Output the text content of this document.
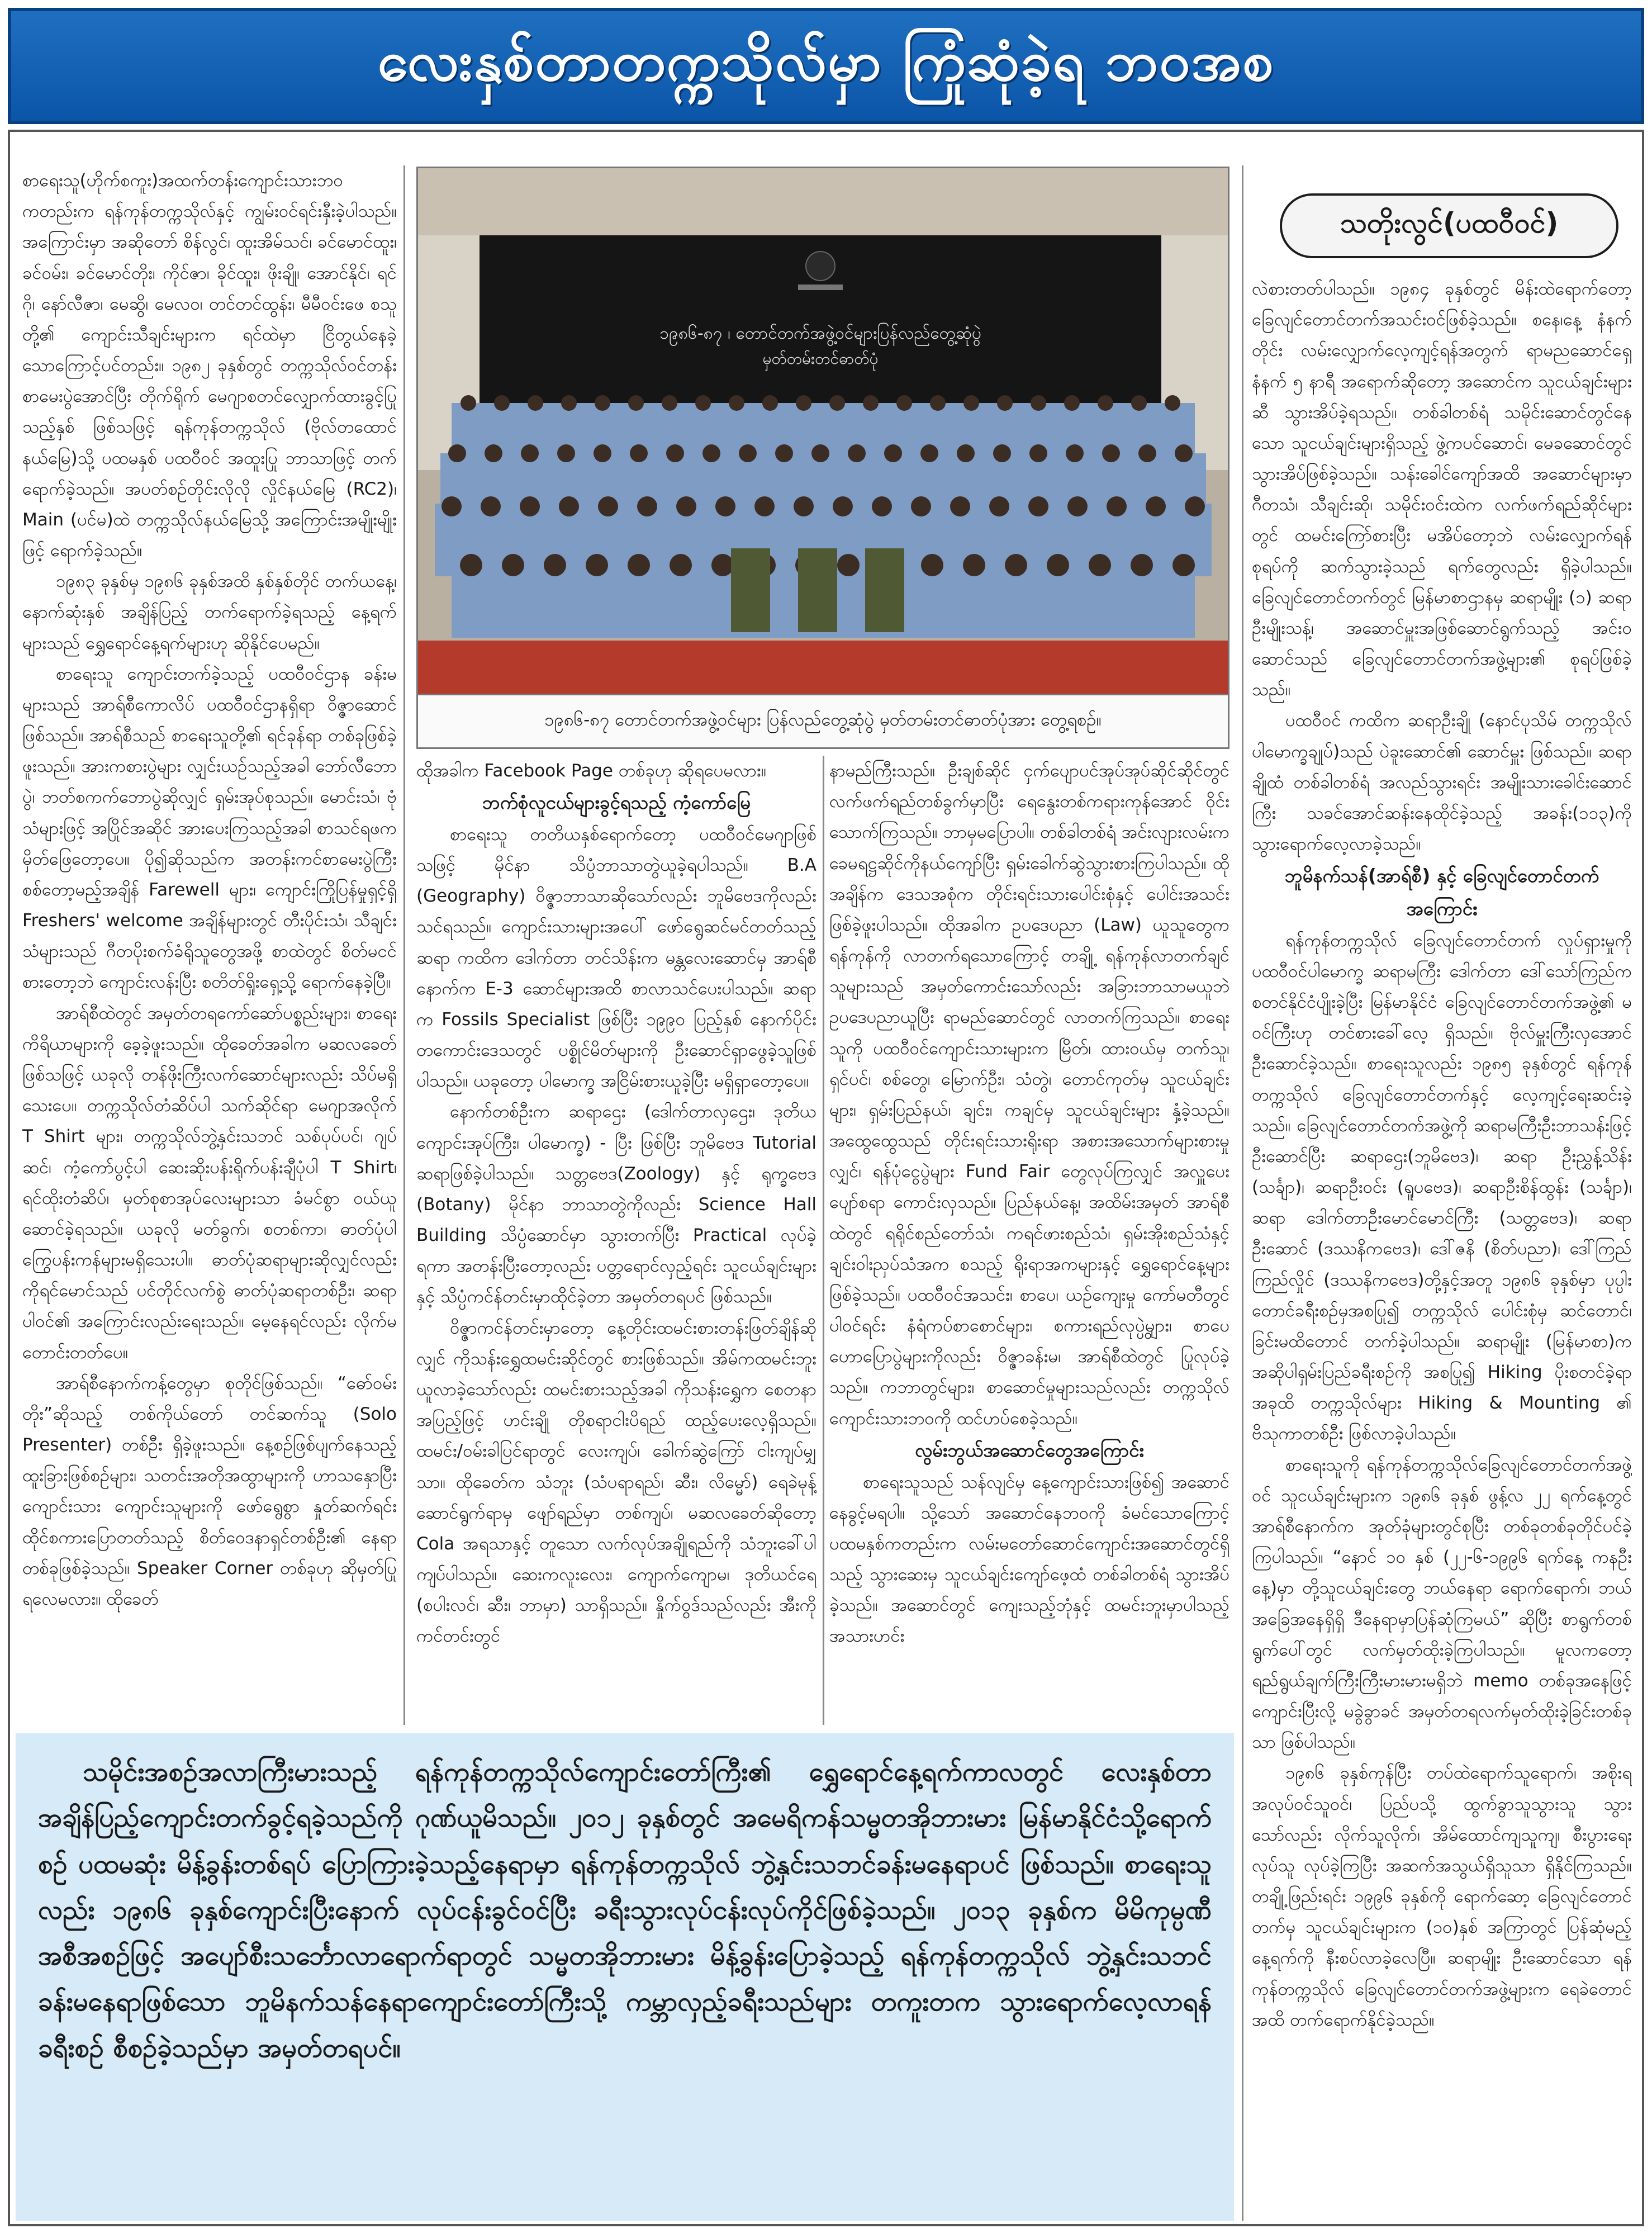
လေးနှစ်တာတက္ကသိုလ်မှာ ကြုံဆုံခဲ့ရ ဘဝအစ

စာရေးသူ(ဟိုက်စကူး)အထက်တန်းကျောင်းသားဘဝကတည်းက ရန်ကုန်တက္ကသိုလ်နှင့် ကျွမ်းဝင်ရင်းနှီးခဲ့ပါသည်။ အကြောင်းမှာ အဆိုတော် စိန်လွင်၊ ထူးအိမ်သင်၊ ခင်မောင်ထူး၊ ခင်ဝမ်း၊ ခင်မောင်တိုး၊ ကိုင်ဇာ၊ ခိုင်ထူး၊ ဖိုးချို၊ အောင်နိုင်၊ ရင်ဂို၊ နော်လီဇာ၊ မေဆွိ၊ မေလဝ၊ တင်တင်ထွန်း၊ မီမီဝင်းဖေ စသူတို့၏ ကျောင်းသီချင်းများက ရင်ထဲမှာ ငြိတွယ်နေခဲ့သောကြောင့်ပင်တည်း။ ၁၉၈၂ ခုနှစ်တွင် တက္ကသိုလ်ဝင်တန်းစာမေးပွဲအောင်ပြီး တိုက်ရိုက် မေဂျာစတင်လျှောက်ထားခွင့်ပြုသည့်နှစ် ဖြစ်သဖြင့် ရန်ကုန်တက္ကသိုလ် (ဗိုလ်တထောင်နယ်မြေ)သို့ ပထမနှစ် ပထဝီဝင် အထူးပြု ဘာသာဖြင့် တက်ရောက်ခဲ့သည်။ အပတ်စဉ်တိုင်းလိုလို လှိုင်နယ်မြေ (RC2)၊ Main (ပင်မ)ထဲ တက္ကသိုလ်နယ်မြေသို့ အကြောင်းအမျိုးမျိုးဖြင့် ရောက်ခဲ့သည်။

၁၉၈၃ ခုနှစ်မှ ၁၉၈၆ ခုနှစ်အထိ နှစ်နှစ်တိုင် တက်ယနေ့၊ နောက်ဆုံးနှစ် အချိန်ပြည့် တက်ရောက်ခဲ့ရသည့် နေ့ရက်များသည် ရွှေရောင်နေ့ရက်များဟု ဆိုနိုင်ပေမည်။

စာရေးသူ ကျောင်းတက်ခဲ့သည့် ပထဝီဝင်ဌာန ခန်းမများသည် အာရ်စီကောလိပ် ပထဝီဝင်ဌာနရှိရာ ဝိဇ္ဇာဆောင်ဖြစ်သည်။ အာရ်စီသည် စာရေးသူတို့၏ ရင်ခုန်ရာ တစ်ခုဖြစ်ခဲ့ဖူးသည်။ အားကစားပွဲများ လျှင်းယဉ်သည့်အခါ ဘော်လီဘောပွဲ၊ ဘတ်စကက်ဘောပွဲဆိုလျှင် ရှမ်းအုပ်စုသည်။ မောင်းသံ၊ ဗုံသံများဖြင့် အပြိုင်အဆိုင် အားပေးကြသည့်အခါ စာသင်ရဖက မှိတ်ဖြေတော့ပေ။ ပို၍ဆိုသည်က အတန်းကင်စာမေးပွဲကြီး စစ်တော့မည့်အချိန် Farewell များ၊ ကျောင်းကြိုပြန်မှုရှင့်ရှိ Freshers' welcome အချိန်များတွင် တီးပိုင်းသံ၊ သီချင်းသံများသည် ဂီတပိုးစက်ခံရိုသူတွေအဖို့ စာထဲတွင် စိတ်မငင်စားတော့ဘဲ ကျောင်းလန်းပြီး စတိတ်ရှိုးရှေ့သို့ ရောက်နေခဲ့ပြီ။

အာရ်စီထဲတွင် အမှတ်တရကော်ဆော်ပစ္စည်းများ၊ စာရေးကိရိယာများကို ခေ့ခဲ့ဖူးသည်။ ထိုခေတ်အခါက မဆလခေတ်ဖြစ်သဖြင့် ယခုလို တန်ဖိုးကြီးလက်ဆောင်များလည်း သိပ်မရှိသေးပေ။ တက္ကသိုလ်တံဆိပ်ပါ သက်ဆိုင်ရာ မေဂျာအလိုက် T Shirt များ၊ တက္ကသိုလ်ဘွဲ့နှင်းသဘင် သစ်ပုပ်ပင်၊ ဂျပ်ဆင်၊ ကံ့ကော်ပွင့်ပါ ဆေးဆိုးပန်းရိုက်ပန်းချီပုံပါ T Shirt၊ ရင်ထိုးတံဆိပ်၊ မှတ်စုစာအုပ်လေးများသာ ခံမင်စွာ ဝယ်ယူဆောင်ခဲ့ရသည်။ ယခုလို မတ်ခွက်၊ စတစ်ကာ၊ ဓာတ်ပုံပါ ကြွေပန်းကန်များမရှိသေးပါ။ ဓာတ်ပုံဆရာများဆိုလျှင်လည်း ကိုရင်မောင်သည် ပင်တိုင်လက်စွဲ ဓာတ်ပုံဆရာတစ်ဦး၊ ဆရာပါဝင်၏ အကြောင်းလည်းရေးသည်။ မေ့နေရင်လည်း လိုက်မတောင်းတတ်ပေ။

အာရ်စီနောက်ကန့်တွေမှာ စုတိုင်ဖြစ်သည်။ “ဓော်ဝမ်းတိုး”ဆိုသည့် တစ်ကိုယ်တော် တင်ဆက်သူ (Solo Presenter) တစ်ဦး ရှိခဲ့ဖူးသည်။ နေ့စဉ်ဖြစ်ပျက်နေသည့် ထူးခြားဖြစ်စဉ်များ၊ သတင်းအတိုအထွာများကို ဟာသနှောပြီး ကျောင်းသား ကျောင်းသူများကို ဖော်ရွေစွာ နှုတ်ဆက်ရင်း ထိုင်စကားပြောတတ်သည့် စိတ်ဝေဒနာရှင်တစ်ဦး၏ နေရာတစ်ခုဖြစ်ခဲ့သည်။ Speaker Corner တစ်ခုဟု ဆိုမှတ်ပြုရလေမလား။ ထိုခေတ်

၁၉၈၆-၈၇ ၊ တောင်တက်အဖွဲ့ဝင်များပြန်လည်တွေ့ဆုံပွဲ
မှတ်တမ်းတင်ဓာတ်ပုံ
၁၉၈၆-၈၇ တောင်တက်အဖွဲ့ဝင်များ ပြန်လည်တွေ့ဆုံပွဲ မှတ်တမ်းတင်ဓာတ်ပုံအား တွေ့ရစဉ်။

ထိုအခါက Facebook Page တစ်ခုဟု ဆိုရပေမလား။

ဘက်စုံလူငယ်များခွင့်ရသည့် ကံ့ကော်မြေ

စာရေးသူ တတိယနှစ်ရောက်တော့ ပထဝီဝင်မေဂျာဖြစ်သဖြင့် မိုင်နာ သိပ္ပံဘာသာတွဲယူခဲ့ရပါသည်။ B.A (Geography) ဝိဇ္ဇာဘာသာဆိုသော်လည်း ဘူမိဗေဒကိုလည်း သင်ရသည်။ ကျောင်းသားများအပေါ် ဖော်ရွေဆင်မင်တတ်သည့် ဆရာ ကထိက ဒေါက်တာ တင်သိန်းက မန္တလေးဆောင်မှ အာရ်စီ နောက်က E-3 ဆောင်များအထိ စာလာသင်ပေးပါသည်။ ဆရာက Fossils Specialist ဖြစ်ပြီး ၁၉၉၀ ပြည့်နှစ် နောက်ပိုင်း တကောင်းဒေသတွင် ပစ္စိုင်မိတ်များကို ဦးဆောင်ရှာဖွေခဲ့သူဖြစ်ပါသည်။ ယခုတော့ ပါမောက္ခ အငြိမ်းစားယူခဲ့ပြီး မရှိရှာတော့ပေ။

နောက်တစ်ဦးက ဆရာဌေး (ဒေါက်တာလှဌေး၊ ဒုတိယကျောင်းအုပ်ကြီး၊ ပါမောက္ခ) - ပြီး ဖြစ်ပြီး ဘူမိဗေဒ Tutorial ဆရာဖြစ်ခဲ့ပါသည်။ သတ္တဗေဒ(Zoology) နှင့် ရုက္ခဗေဒ (Botany) မိုင်နာ ဘာသာတွဲကိုလည်း Science Hall Building သိပ္ပံဆောင်မှာ သွားတက်ပြီး Practical လုပ်ခဲ့ရကာ အတန်းပြီးတော့လည်း ပတ္တရောင်လှည့်ရင်း သူငယ်ချင်းများနှင့် သိပ္ပံကင်န်တင်းမှာထိုင်ခဲ့တာ အမှတ်တရပင် ဖြစ်သည်။

ဝိဇ္ဇာကင်န်တင်းမှာတော့ နေ့တိုင်းထမင်းစားတန်းဖြတ်ချိန်ဆိုလျှင် ကိုသန်းရွှေထမင်းဆိုင်တွင် စားဖြစ်သည်။ အိမ်ကထမင်းဘူးယူလာခဲ့သော်လည်း ထမင်းစားသည့်အခါ ကိုသန်းရွှေက စေတနာအပြည့်ဖြင့် ဟင်းချို တိုစရာငါးပိရည် ထည့်ပေးလေ့ရှိသည်။ ထမင်း/ဝမ်းခါပြင်ရာတွင် လေးကျပ်၊ ခေါက်ဆွဲကြော် ငါးကျပ်မျှသာ။ ထိုခေတ်က သံဘူး (သံပရာရည်၊ ဆီး၊ လိမ္မော်) ရေခဲမုန့် ဆောင်ရွက်ရာမှ ဖျော်ရည်မှာ တစ်ကျပ်၊ မဆလခေတ်ဆိုတော့ Cola အရသာနှင့် တူသော လက်လုပ်အချိုရည်ကို သံဘူးခေါ်ပါကျပ်ပါသည်။ ဆေးကလူးလေး၊ ကျောက်ကျောမ၊ ဒုတိယင်ရေ (စပါးလင်၊ ဆီး၊ ဘာမှာ) သာရှိသည်။ နှိုက်ဝွဒ်သည်လည်း အီးကိုကင်တင်းတွင်

နာမည်ကြီးသည်။ ဦးချစ်ဆိုင် ငှက်ပျောပင်အုပ်အုပ်ဆိုင်ဆိုင်တွင် လက်ဖက်ရည်တစ်ခွက်မှာပြီး ရေနွေးတစ်ကရားကုန်အောင် ဝိုင်းသောက်ကြသည်။ ဘာမှမပြောပါ။ တစ်ခါတစ်ရံ အင်းလျားလမ်းက ခေမရဋ္ဌဆိုင်ကိုနယ်ကျော်ပြီး ရှမ်းခေါက်ဆွဲသွားစားကြပါသည်။ ထိုအချိန်က ဒေသအစုံက တိုင်းရင်းသားပေါင်းစုံနှင့် ပေါင်းအသင်းဖြစ်ခဲ့ဖူးပါသည်။ ထိုအခါက ဥပဒေပညာ (Law) ယူသူတွေက ရန်ကုန်ကို လာတက်ရသောကြောင့် တချို့ ရန်ကုန်လာတက်ချင်သူများသည် အမှတ်ကောင်းသော်လည်း အခြားဘာသာမယူဘဲ ဥပဒေပညာယူပြီး ရာမည်ဆောင်တွင် လာတက်ကြသည်။ စာရေးသူကို ပထဝီဝင်ကျောင်းသားများက မြိတ်၊ ထားဝယ်မှ တက်သူ၊ ရှင်ပင်၊ စစ်တွေ၊ မြောက်ဦး၊ သံတွဲ၊ တောင်ကုတ်မှ သူငယ်ချင်းများ၊ ရှမ်းပြည်နယ်၊ ချင်း၊ ကချင်မှ သူငယ်ချင်းများ နှံ့ခဲ့သည်။ အထွေထွေသည် တိုင်းရင်းသားရိုးရာ အစားအသောက်များစားမှုလျှင်၊ ရန်ပုံငွေပွဲများ Fund Fair တွေလုပ်ကြလျှင် အလှူပေးပျော်စရာ ကောင်းလှသည်။ ပြည်နယ်နေ့၊ အထိမ်းအမှတ် အာရ်စီထဲတွင် ရရိုင်စည်တော်သံ၊ ကရင်ဖားစည်သံ၊ ရှမ်းအိုးစည်သံနှင့် ချင်းဝါးညှပ်သံအက စသည့် ရိုးရာအကများနှင့် ရွှေရောင်နေ့များ ဖြစ်ခဲ့သည်။ ပထဝီဝင်အသင်း၊ စာပေ၊ ယဉ်ကျေးမှု ကော်မတီတွင်ပါဝင်ရင်း နံရံကပ်စာစောင်များ၊ စကားရည်လုပ္ပွဲများ၊ စာပေဟောပြောပွဲများကိုလည်း ဝိဇ္ဇာခန်းမ၊ အာရ်စီထဲတွင် ပြုလုပ်ခဲ့သည်။ ကဘာတွင်များ၊ စာဆောင်မှုများသည်လည်း တက္ကသိုလ်ကျောင်းသားဘဝကို ထင်ဟပ်စေခဲ့သည်။

လွမ်းဘွယ်အဆောင်တွေအကြောင်း

စာရေးသူသည် သန်လျင်မှ နေ့ကျောင်းသားဖြစ်၍ အဆောင်နေခွင့်မရပါ။ သို့သော် အဆောင်နေဘဝကို ခံမင်သောကြောင့် ပထမနှစ်ကတည်းက လမ်းမတော်ဆောင်ကျောင်းအဆောင်တွင်ရှိသည့် သွားဆေးမှ သူငယ်ချင်းကျော်ဖေ့ထံ တစ်ခါတစ်ရံ သွားအိပ်ခဲ့သည်။ အဆောင်တွင် ကျေးသည့်ဘုံနှင့် ထမင်းဘူးမှာပါသည့် အသားဟင်း

သတိုးလွင်(ပထဝီဝင်)

လဲစားတတ်ပါသည်။ ၁၉၈၄ ခုနှစ်တွင် မိန်းထဲရောက်တော့ ခြေလျင်တောင်တက်အသင်းဝင်ဖြစ်ခဲ့သည်။ စနေ၊နေ့ နံနက်တိုင်း လမ်းလျှောက်လေ့ကျင့်ရန်အတွက် ရာမညဆောင်ရှေ့ နံနက် ၅ နာရီ အရောက်ဆိုတော့ အဆောင်က သူငယ်ချင်းများဆီ သွားအိပ်ခဲ့ရသည်။ တစ်ခါတစ်ရံ သမိုင်းဆောင်တွင်နေသော သူငယ်ချင်းများရှိသည့် ဖွဲ့ကပင်ဆောင်၊ မေခဆောင်တွင် သွားအိပ်ဖြစ်ခဲ့သည်။ သန်းခေါင်ကျော်အထိ အဆောင်များမှာ ဂီတသံ၊ သီချင်းဆို၊ သမိုင်းဝင်းထဲက လက်ဖက်ရည်ဆိုင်များတွင် ထမင်းကြော်စားပြီး မအိပ်တော့ဘဲ လမ်းလျှောက်ရန် စုရပ်ကို ဆက်သွားခဲ့သည် ရက်တွေလည်း ရှိခဲ့ပါသည်။ ခြေလျင်တောင်တက်တွင် မြန်မာစာဌာနမှ ဆရာမျိုး (၁) ဆရာဦးမျိုးသန့်၊ အဆောင်မှူးအဖြစ်ဆောင်ရွက်သည့် အင်းဝဆောင်သည် ခြေလျင်တောင်တက်အဖွဲ့များ၏ စုရပ်ဖြစ်ခဲ့သည်။

ပထဝီဝင် ကထိက ဆရာဦးချို (နောင်ပုသိမ် တက္ကသိုလ်ပါမောက္ခချုပ်)သည် ပဲခူးဆောင်၏ ဆောင်မှူး ဖြစ်သည်။ ဆရာချိုထံ တစ်ခါတစ်ရံ အလည်သွားရင်း အမျိုးသားခေါင်းဆောင်ကြီး သခင်အောင်ဆန်းနေထိုင်ခဲ့သည့် အခန်း(၁၁၃)ကို သွားရောက်လေ့လာခဲ့သည်။

ဘူမိနက်သန်(အာရ်စီ) နှင့် ခြေလျင်တောင်တက်အကြောင်း

ရန်ကုန်တက္ကသိုလ် ခြေလျင်တောင်တက် လှုပ်ရှားမှုကို ပထဝီဝင်ပါမောက္ခ ဆရာမကြီး ဒေါက်တာ ဒေါ်သော်ကြည်က စတင်နိုင်ငံပျိုးခဲ့ပြီး မြန်မာနိုင်ငံ ခြေလျင်တောင်တက်အဖွဲ့၏ မဝင်ကြီးဟု တင်စားခေါ်လေ့ ရှိသည်။ ဗိုလ်မှူးကြီးလှအောင် ဦးဆောင်ခဲ့သည်။ စာရေးသူလည်း ၁၉၈၅ ခုနှစ်တွင် ရန်ကုန်တက္ကသိုလ် ခြေလျင်တောင်တက်နှင့် လေ့ကျင့်ရေးဆင်းခဲ့သည်။ ခြေလျင်တောင်တက်အဖွဲ့ကို ဆရာမကြီးဦးဘာသန်းဖြင့် ဦးဆောင်ပြီး ဆရာဌေး(ဘူမိဗေဒ)၊ ဆရာ ဦးညွှန့်သိန်း (သင်္ချာ)၊ ဆရာဦးဝင်း (ရူပဗေဒ)၊ ဆရာဦးစိန်ထွန်း (သင်္ချာ)၊ ဆရာ ဒေါက်တာဦးမောင်မောင်ကြီး (သတ္တဗေဒ)၊ ဆရာ ဦးဆောင် (ဒဿနိကဗေဒ)၊ ဒေါ်ဇနိ (စိတ်ပညာ)၊ ဒေါ်ကြည်ကြည်လှိုင် (ဒဿနိကဗေဒ)တို့နှင့်အတူ ၁၉၈၆ ခုနှစ်မှာ ပုပ္ပါးတောင်ခရီးစဉ်မှအစပြု၍ တက္ကသိုလ် ပေါင်းစုံမှ ဆင်တောင်၊ ခြင်းမထိတောင် တက်ခဲ့ပါသည်။ ဆရာမျိုး (မြန်မာစာ)က အဆိုပါရှမ်းပြည်ခရီးစဉ်ကို အစပြု၍ Hiking ပိုးစတင်ခဲ့ရာ အခုထိ တက္ကသိုလ်များ Hiking & Mounting ၏ ဗိသုကာတစ်ဦး ဖြစ်လာခဲ့ပါသည်။

စာရေးသူကို ရန်ကုန်တက္ကသိုလ်ခြေလျင်တောင်တက်အဖွဲ့ဝင် သူငယ်ချင်းများက ၁၉၈၆ ခုနှစ် ဖွန့်လ ၂၂ ရက်နေ့တွင် အာရ်စီနောက်က အုတ်ခုံများတွင်စုပြီး တစ်ခုတစ်ခုတိုင်ပင်ခဲ့ကြပါသည်။ “နောင် ၁၀ နှစ် (၂၂-၆-၁၉၉၆ ရက်နေ့ ကနဦးနေ့)မှာ တို့သူငယ်ချင်းတွေ ဘယ်နေရာ ရောက်ရောက်၊ ဘယ်အခြေအနေရှိရှိ ဒီနေရာမှာပြန်ဆုံကြမယ်” ဆိုပြီး စာရွက်တစ်ရွက်ပေါ်တွင် လက်မှတ်ထိုးခဲ့ကြပါသည်။ မူလကတော့ ရည်ရွယ်ချက်ကြီးကြီးမားမားမရှိဘဲ memo တစ်ခုအနေဖြင့် ကျောင်းပြီးလို့ မခွဲခွာခင် အမှတ်တရလက်မှတ်ထိုးခဲ့ခြင်းတစ်ခုသာ ဖြစ်ပါသည်။

၁၉၈၆ ခုနှစ်ကုန်ပြီး တပ်ထဲရောက်သူရောက်၊ အစိုးရအလုပ်ဝင်သူဝင်၊ ပြည်ပသို့ ထွက်ခွာသူသွားသူ သွားသော်လည်း လိုက်သူလိုက်၊ အိမ်ထောင်ကျသူကျ၊ စီးပွားရေး လုပ်သူ လုပ်ခဲ့ကြပြီး အဆက်အသွယ်ရှိသူသာ ရှိနိုင်ကြသည်။ တချို့ဖြည်းရင်း ၁၉၉၆ ခုနှစ်ကို ရောက်ဆော့ ခြေလျင်တောင်တက်မှ သူငယ်ချင်းများက (၁၀)နှစ် အကြာတွင် ပြန်ဆုံမည့်နေ့ရက်ကို နီးစပ်လာခဲ့လေပြီ။ ဆရာမျိုး ဦးဆောင်သော ရန်ကုန်တက္ကသိုလ် ခြေလျင်တောင်တက်အဖွဲ့များက ရေခဲတောင်အထိ တက်ရောက်နိုင်ခဲ့သည်။

သမိုင်းအစဉ်အလာကြီးမားသည့် ရန်ကုန်တက္ကသိုလ်ကျောင်းတော်ကြီး၏ ရွှေရောင်နေ့ရက်ကာလတွင် လေးနှစ်တာ အချိန်ပြည့်ကျောင်းတက်ခွင့်ရခဲ့သည်ကို ဂုဏ်ယူမိသည်။ ၂၀၁၂ ခုနှစ်တွင် အမေရိကန်သမ္မတအိုဘားမား မြန်မာနိုင်ငံသို့ရောက်စဉ် ပထမဆုံး မိန့်ခွန်းတစ်ရပ် ပြောကြားခဲ့သည့်နေရာမှာ ရန်ကုန်တက္ကသိုလ် ဘွဲ့နှင်းသဘင်ခန်းမနေရာပင် ဖြစ်သည်။ စာရေးသူလည်း ၁၉၈၆ ခုနှစ်ကျောင်းပြီးနောက် လုပ်ငန်းခွင်ဝင်ပြီး ခရီးသွားလုပ်ငန်းလုပ်ကိုင်ဖြစ်ခဲ့သည်။ ၂၀၁၃ ခုနှစ်က မိမိကုမ္ပဏီအစီအစဉ်ဖြင့် အပျော်စီးသင်္ဘောလာရောက်ရာတွင် သမ္မတအိုဘားမား မိန့်ခွန်းပြောခဲ့သည့် ရန်ကုန်တက္ကသိုလ် ဘွဲ့နှင်းသဘင်ခန်းမနေရာဖြစ်သော ဘူမိနက်သန်နေရာကျောင်းတော်ကြီးသို့ ကမ္ဘာလှည့်ခရီးသည်များ တကူးတက သွားရောက်လေ့လာရန်ခရီးစဉ် စီစဉ်ခဲ့သည်မှာ အမှတ်တရပင်။
